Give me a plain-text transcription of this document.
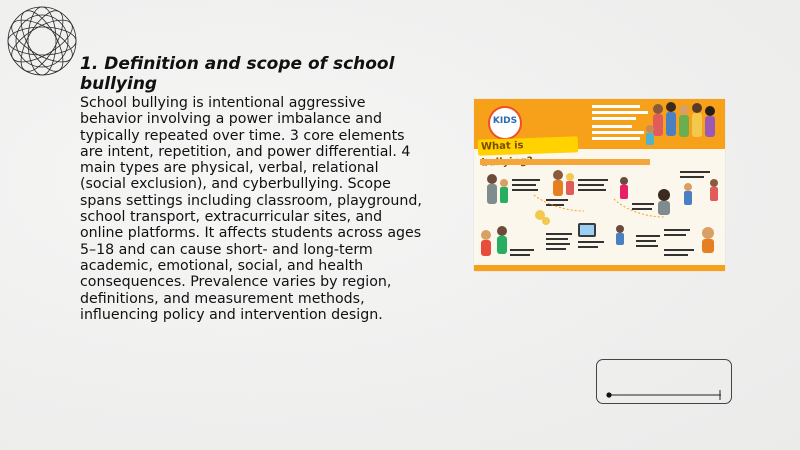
1. Definition and scope of school bullying

School bullying is intentional aggressive behavior involving a power imbalance and typically repeated over time. 3 core elements are intent, repetition, and power differential. 4 main types are physical, verbal, relational (social exclusion), and cyberbullying. Scope spans settings including classroom, playground, school transport, extracurricular sites, and online platforms. It affects students across ages 5–18 and can cause short- and long-term academic, emotional, social, and health consequences. Prevalence varies by region, definitions, and measurement methods, influencing policy and intervention design.

KIDS
What is
